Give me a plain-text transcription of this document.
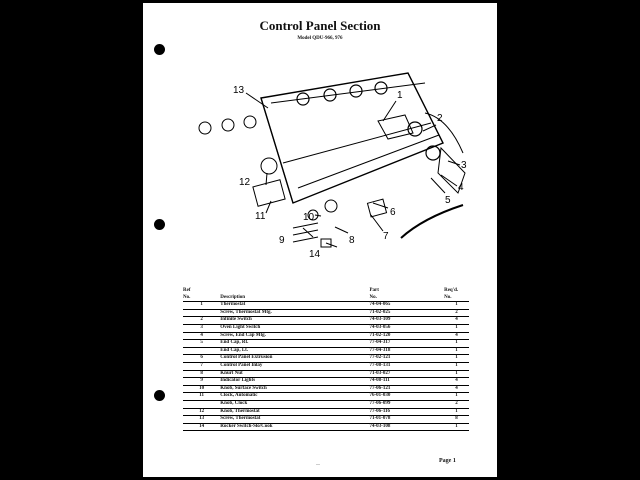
Control Panel Section
Model QDU-966, 976
13	1
2
3
4
5
6
7
8
9
10
11
12
14
Ref		Part	Req'd.
No.	Description	No.	No.
1	Thermostat	74-04-065	1
	Screw, Thermostat Mtg.	71-02-025	2
2	Infinite Switch	74-03-109	4
3	Oven Light Switch	74-03-056	1
4	Screw, End Cap Mtg.	71-02-120	4
5	End Cap, Rt.	77-04-317	1
	End Cap, Lt.	77-04-318	1
6	Control Panel Extrusion	77-02-121	1
7	Control Panel Inlay	77-08-131	1
8	Knurl Nut	71-03-027	1
9	Indicator Lights	74-08-111	4
10	Knob, Surface Switch	77-06-121	4
11	Clock, Automatic	76-01-030	1
	Knob, Clock	77-06-099	2
12	Knob, Thermostat	77-06-116	1
13	Screw, Thermostat	71-01-078	8
14	Rocker Switch-Slo/Cook	74-03-108	1
—	Page 1
